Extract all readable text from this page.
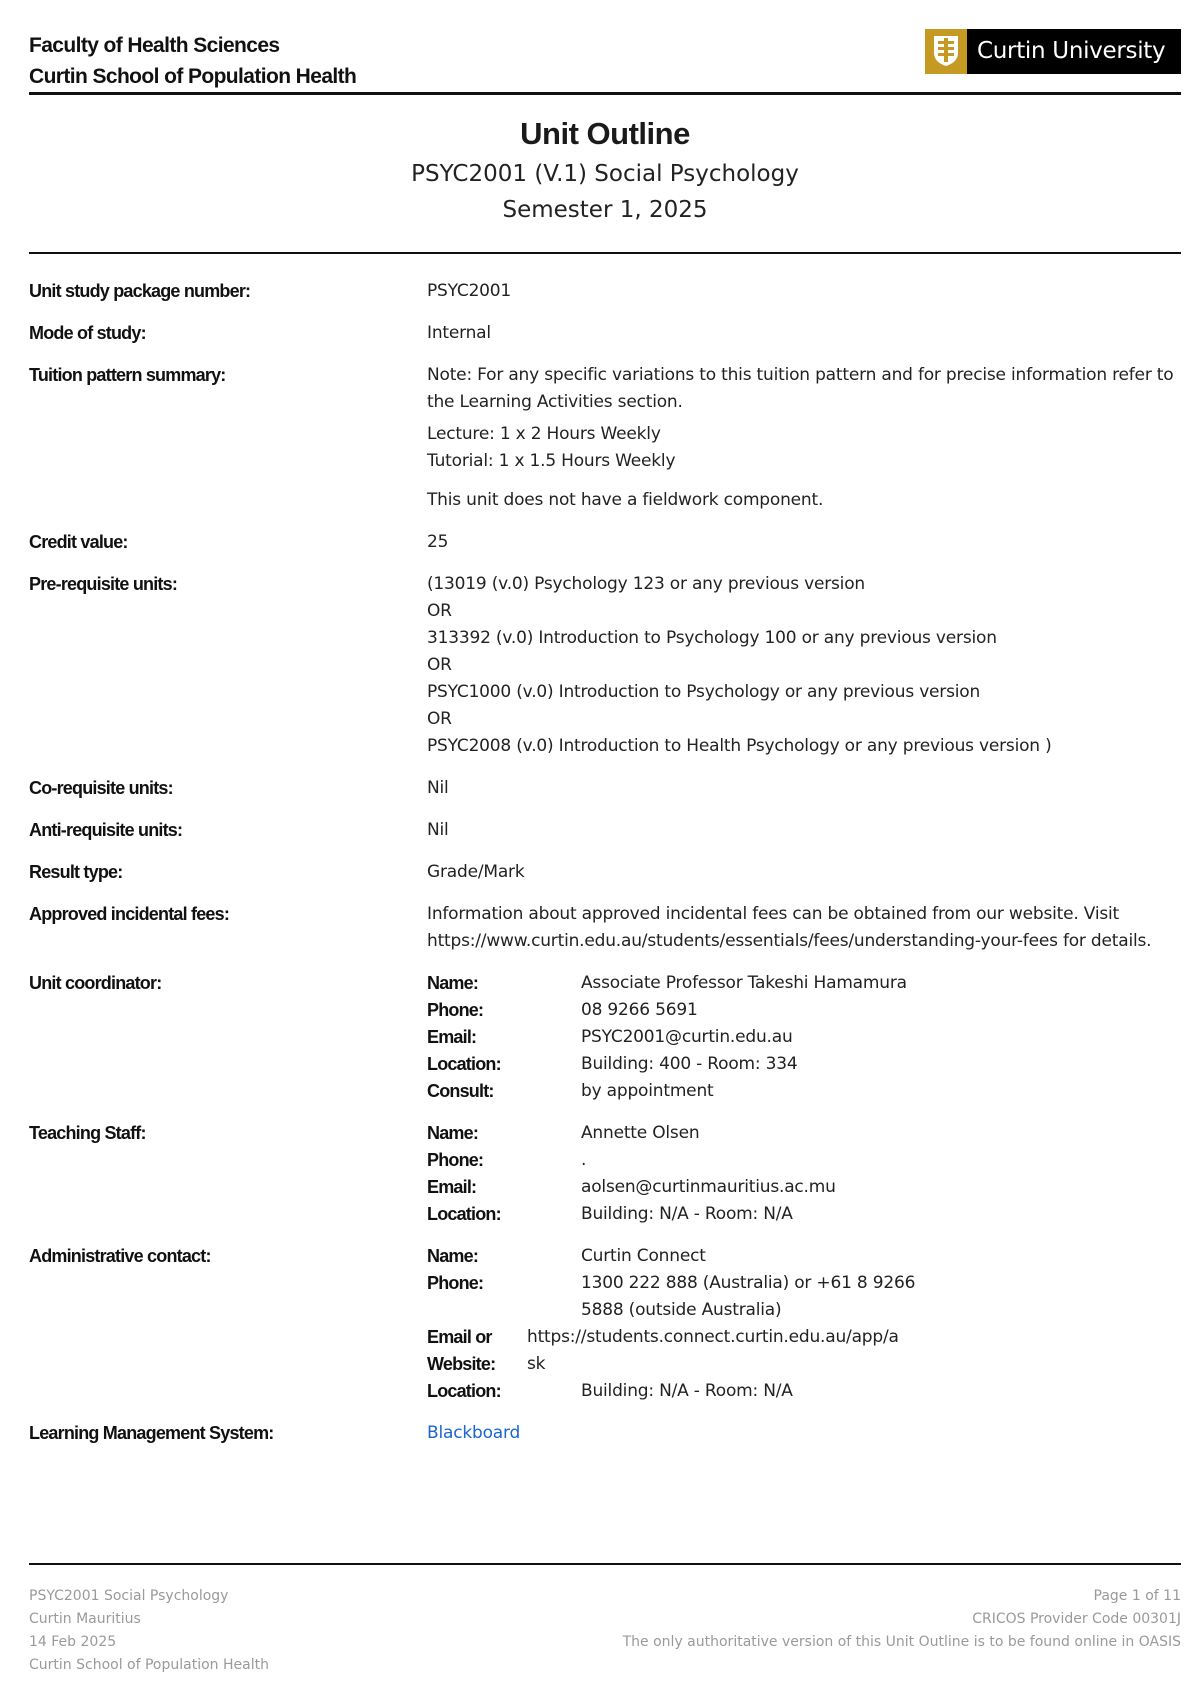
Faculty of Health Sciences
Curtin School of Population Health
Curtin University
Unit Outline
PSYC2001 (V.1) Social Psychology
Semester 1, 2025
Unit study package number:	PSYC2001
Mode of study:	Internal
Tuition pattern summary:	Note: For any specific variations to this tuition pattern and for precise information refer to the Learning Activities section.
Lecture: 1 x 2 Hours Weekly
Tutorial: 1 x 1.5 Hours Weekly
This unit does not have a fieldwork component.
Credit value:	25
Pre-requisite units:	(13019 (v.0) Psychology 123 or any previous version
OR
313392 (v.0) Introduction to Psychology 100 or any previous version
OR
PSYC1000 (v.0) Introduction to Psychology or any previous version
OR
PSYC2008 (v.0) Introduction to Health Psychology or any previous version )
Co-requisite units:	Nil
Anti-requisite units:	Nil
Result type:	Grade/Mark
Approved incidental fees:	Information about approved incidental fees can be obtained from our website. Visit https://www.curtin.edu.au/students/essentials/fees/understanding-your-fees for details.
Unit coordinator:	Name:	Associate Professor Takeshi Hamamura
Phone:	08 9266 5691
Email:	PSYC2001@curtin.edu.au
Location:	Building: 400 - Room: 334
Consult:	by appointment
Teaching Staff:	Name:	Annette Olsen
Phone:	.
Email:	aolsen@curtinmauritius.ac.mu
Location:	Building: N/A - Room: N/A
Administrative contact:	Name:	Curtin Connect
Phone:	1300 222 888 (Australia) or +61 8 9266 5888 (outside Australia)
Email or Website:
https://students.connect.curtin.edu.au/app/ask
Location:	Building: N/A - Room: N/A
Learning Management System:	Blackboard
PSYC2001 Social Psychology
Curtin Mauritius
14 Feb 2025
Curtin School of Population Health
Page 1 of 11
CRICOS Provider Code 00301J
The only authoritative version of this Unit Outline is to be found online in OASIS
